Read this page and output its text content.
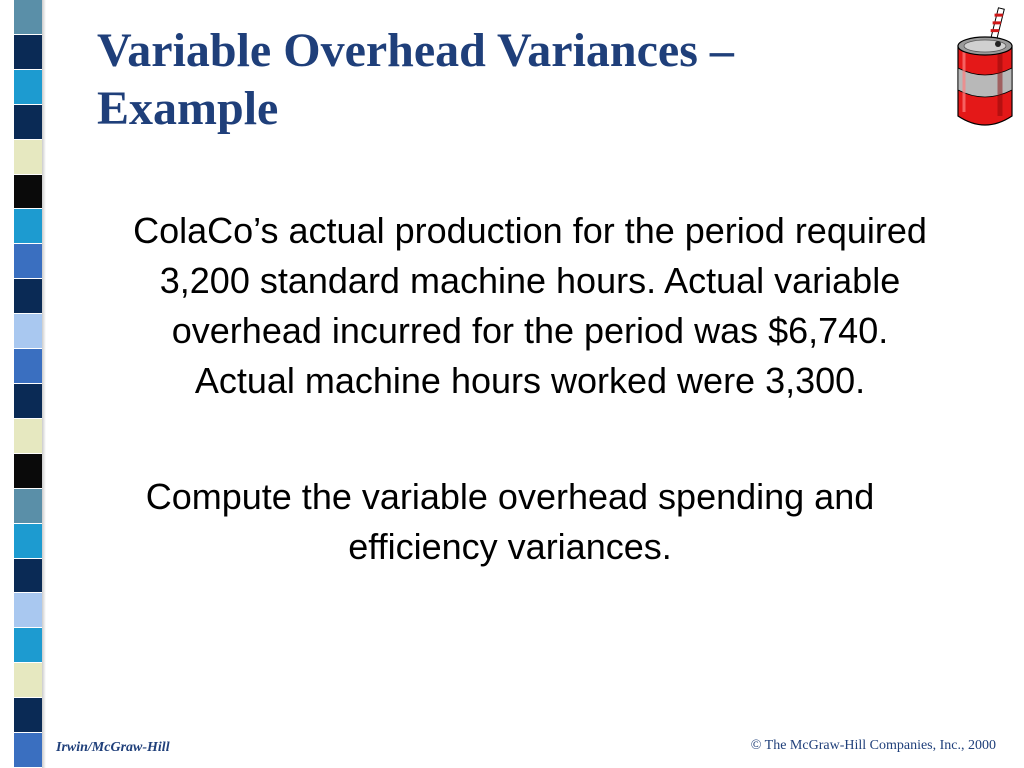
Variable Overhead Variances –
Example

ColaCo’s actual production for the period required
3,200 standard machine hours. Actual variable
overhead incurred for the period was $6,740.
Actual machine hours worked were 3,300.

Compute the variable overhead spending and
efficiency variances.

Irwin/McGraw-Hill	© The McGraw-Hill Companies, Inc., 2000
